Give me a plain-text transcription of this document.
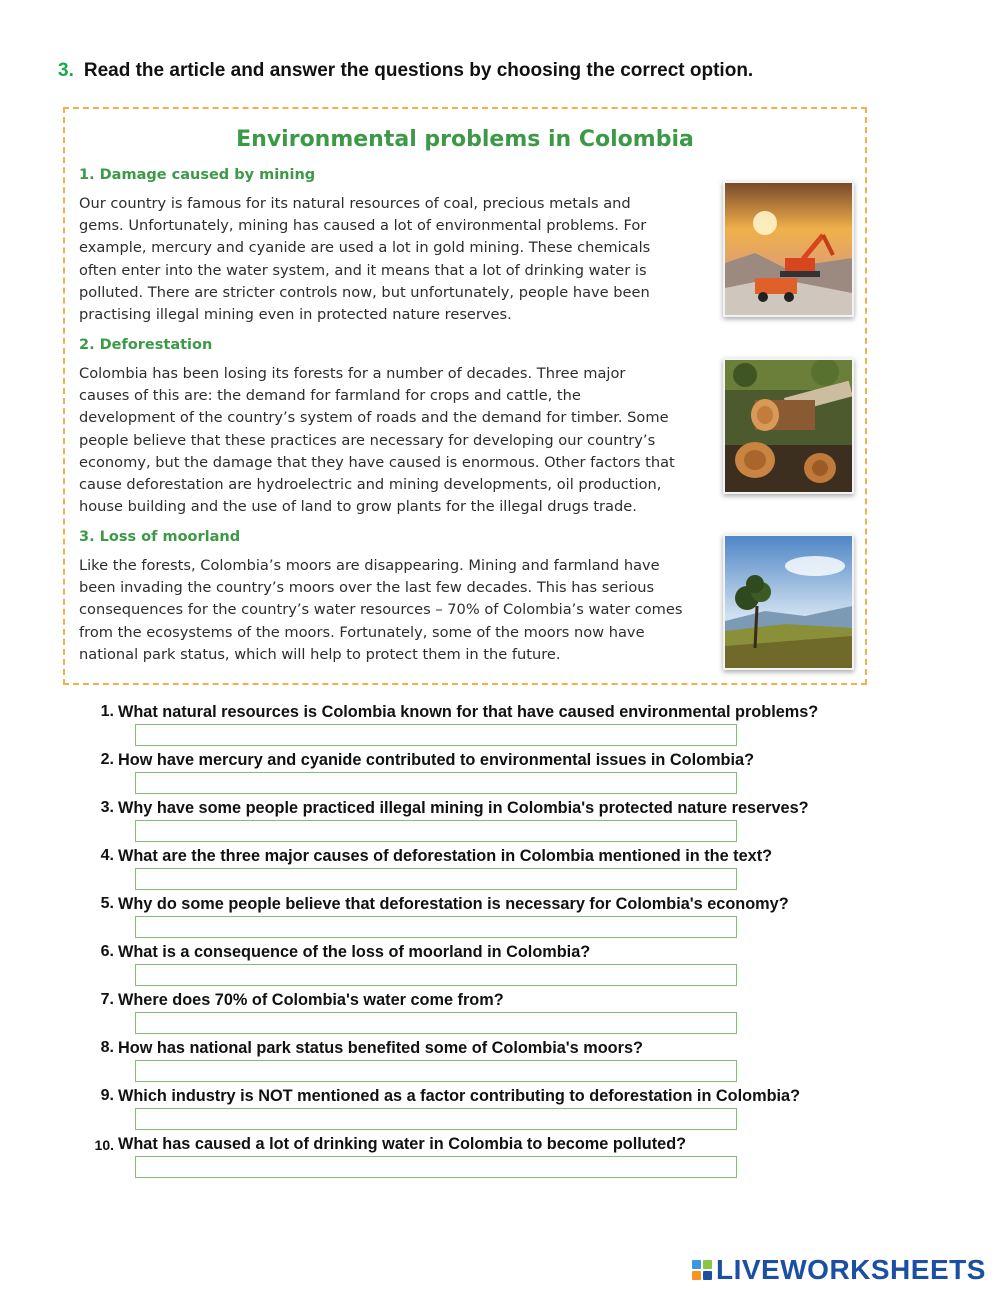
3. Read the article and answer the questions by choosing the correct option.
Environmental problems in Colombia
1. Damage caused by mining
Our country is famous for its natural resources of coal, precious metals and
gems. Unfortunately, mining has caused a lot of environmental problems. For
example, mercury and cyanide are used a lot in gold mining. These chemicals
often enter into the water system, and it means that a lot of drinking water is
polluted. There are stricter controls now, but unfortunately, people have been
practising illegal mining even in protected nature reserves.
2. Deforestation
Colombia has been losing its forests for a number of decades. Three major
causes of this are: the demand for farmland for crops and cattle, the
development of the country’s system of roads and the demand for timber. Some
people believe that these practices are necessary for developing our country’s
economy, but the damage that they have caused is enormous. Other factors that
cause deforestation are hydroelectric and mining developments, oil production,
house building and the use of land to grow plants for the illegal drugs trade.
3. Loss of moorland
Like the forests, Colombia’s moors are disappearing. Mining and farmland have
been invading the country’s moors over the last few decades. This has serious
consequences for the country’s water resources – 70% of Colombia’s water comes
from the ecosystems of the moors. Fortunately, some of the moors now have
national park status, which will help to protect them in the future.
1. What natural resources is Colombia known for that have caused environmental problems?
2. How have mercury and cyanide contributed to environmental issues in Colombia?
3. Why have some people practiced illegal mining in Colombia's protected nature reserves?
4. What are the three major causes of deforestation in Colombia mentioned in the text?
5. Why do some people believe that deforestation is necessary for Colombia's economy?
6. What is a consequence of the loss of moorland in Colombia?
7. Where does 70% of Colombia's water come from?
8. How has national park status benefited some of Colombia's moors?
9. Which industry is NOT mentioned as a factor contributing to deforestation in Colombia?
10. What has caused a lot of drinking water in Colombia to become polluted?
LIVEWORKSHEETS
